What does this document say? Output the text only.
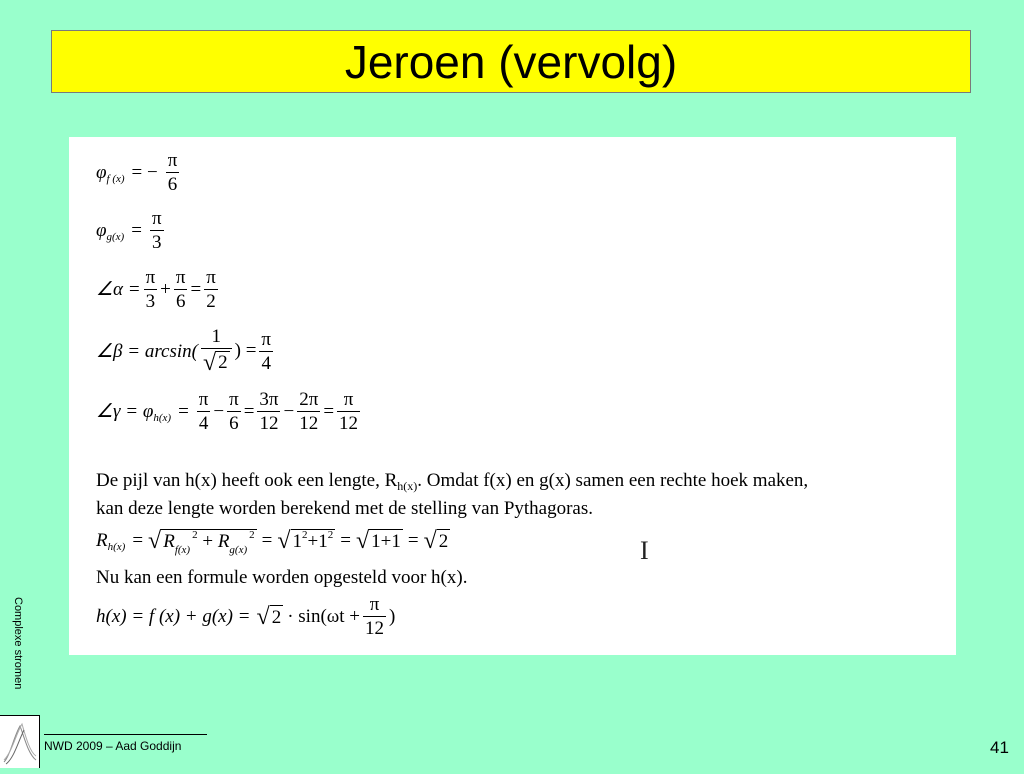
Jeroen (vervolg)
φ f (x) = − $\frac{\pi}{6}$
φ $g(x) = \frac{\pi}{3}$
∠α = $\frac{\pi}{3} + \frac{\pi}{6} = \frac{\pi}{2}$
∠β = $\arcsin( \frac{1}{√ 2}$ ) = $\frac{\pi}{4}$
∠γ = φ $h(x) = \frac{\pi}{4} - \frac{\pi}{6} = \frac{3\pi}{12} - \frac{2\pi}{12} = \frac{\pi}{12}$
De pijl van h(x) heeft ook een lengte, $R_{h(x)}$. Omdat f(x) en g(x) samen een rechte hoek maken,
kan deze lengte worden berekend met de stelling van Pythagoras.
R h(x) = √ $R_{f(x)}^2 + R_{g(x)}^2$ = √ $1^2+1^2$ = √ 1+1 = √ 2
Nu kan een formule worden opgesteld voor h(x).
h(x) = f (x) + g(x) = √ $2 \cdot \sin(\omega t + \frac{\pi}{12}$ )
I
Complexe stromen
NWD 2009 – Aad Goddijn	41
